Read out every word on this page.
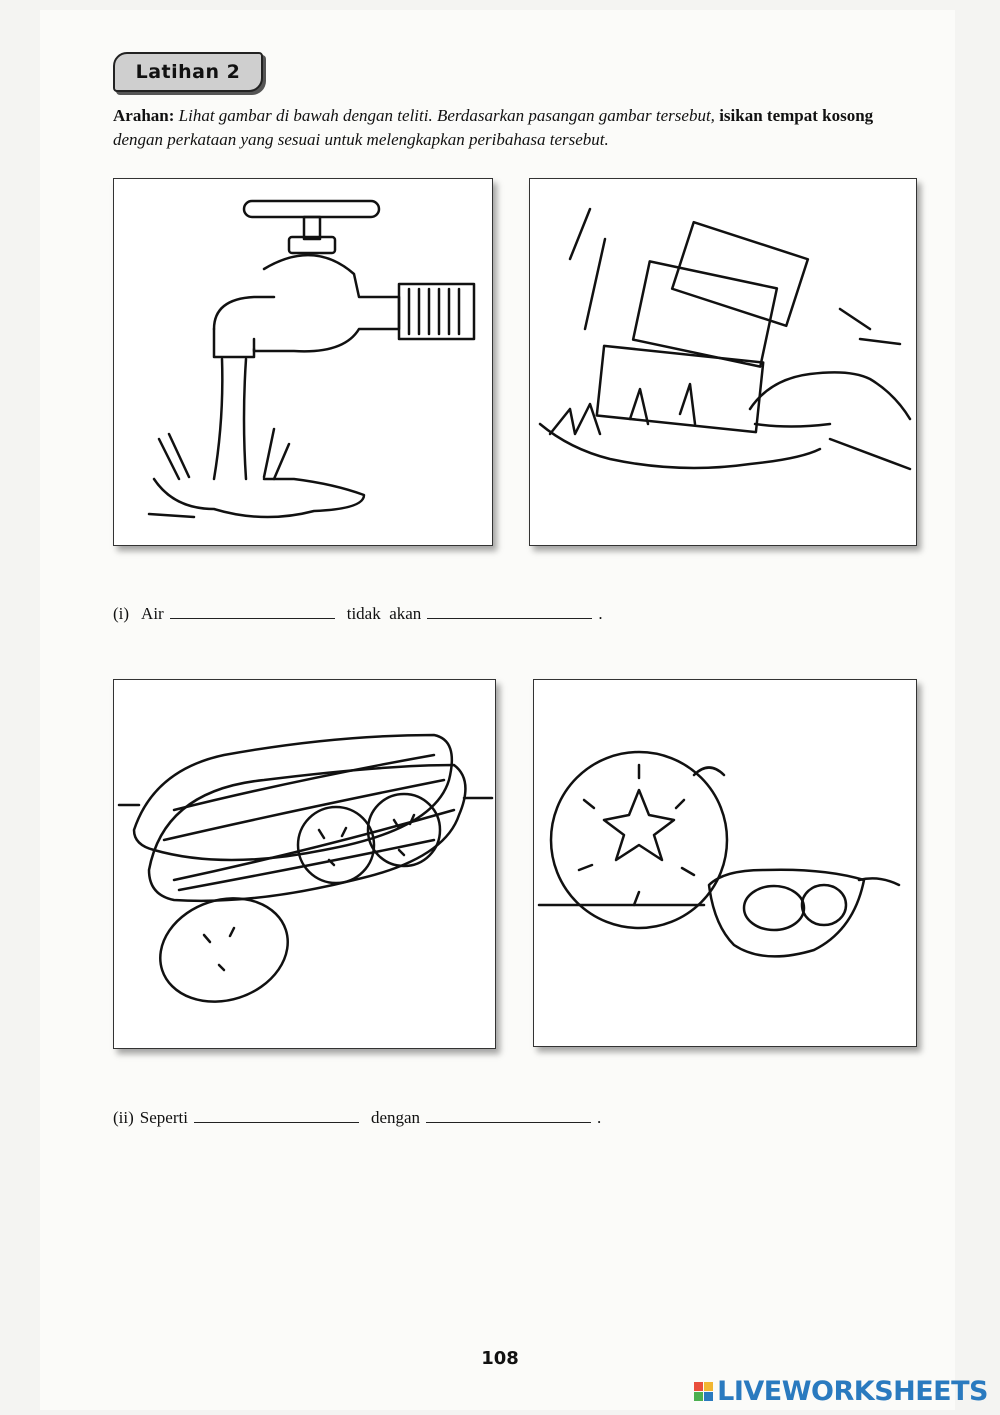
Latihan 2
Arahan: Lihat gambar di bawah dengan teliti. Berdasarkan pasangan gambar tersebut, isikan tempat kosong dengan perkataan yang sesuai untuk melengkapkan peribahasa tersebut.
(i) Air	tidak  akan	.
(ii) Seperti	dengan	.
108
LIVEWORKSHEETS
